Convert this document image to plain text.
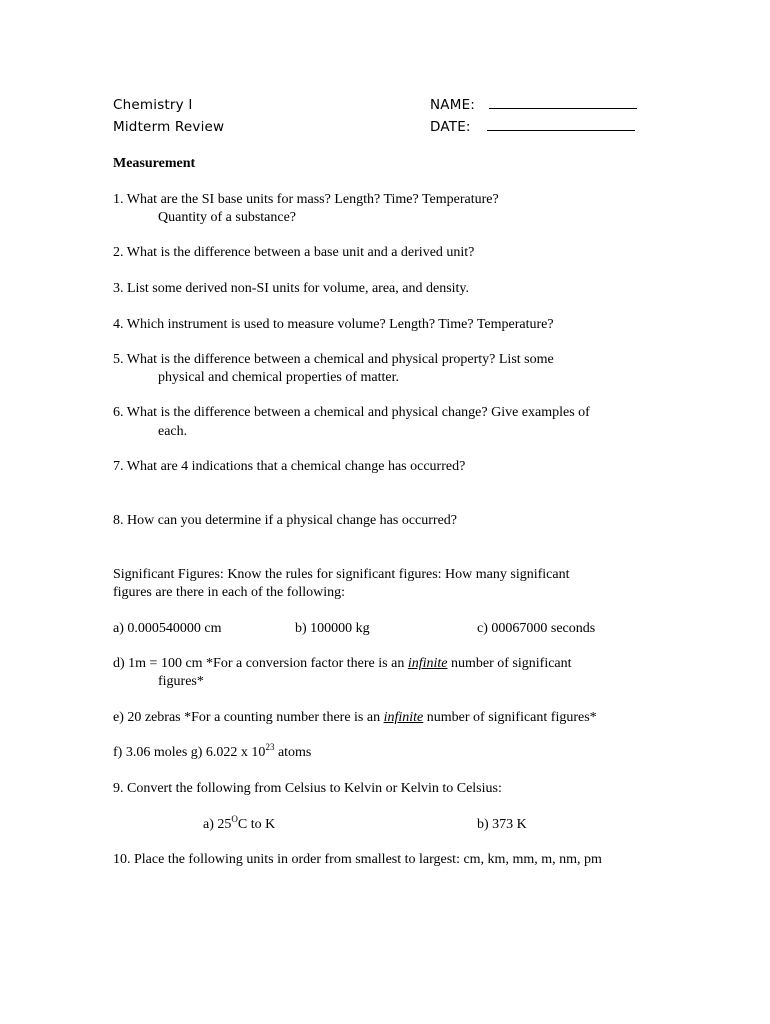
Chemistry I
Midterm Review
NAME:
DATE:
Measurement
1. What are the SI base units for mass? Length? Time? Temperature?
Quantity of a substance?
2. What is the difference between a base unit and a derived unit?
3. List some derived non-SI units for volume, area, and density.
4. Which instrument is used to measure volume? Length? Time? Temperature?
5. What is the difference between a chemical and physical property? List some
physical and chemical properties of matter.
6. What is the difference between a chemical and physical change? Give examples of
each.
7. What are 4 indications that a chemical change has occurred?
8. How can you determine if a physical change has occurred?
Significant Figures: Know the rules for significant figures: How many significant
figures are there in each of the following:
a) 0.000540000 cm	b) 100000 kg	c) 00067000 seconds
d) 1m = 100 cm *For a conversion factor there is an infinite number of significant
figures*
e) 20 zebras *For a counting number there is an infinite number of significant figures*
f) 3.06 moles g) 6.022 x $10^{23}$ atoms
9. Convert the following from Celsius to Kelvin or Kelvin to Celsius:
a) $25^OC$ to K	b) 373 K
10. Place the following units in order from smallest to largest: cm, km, mm, m, nm, pm
